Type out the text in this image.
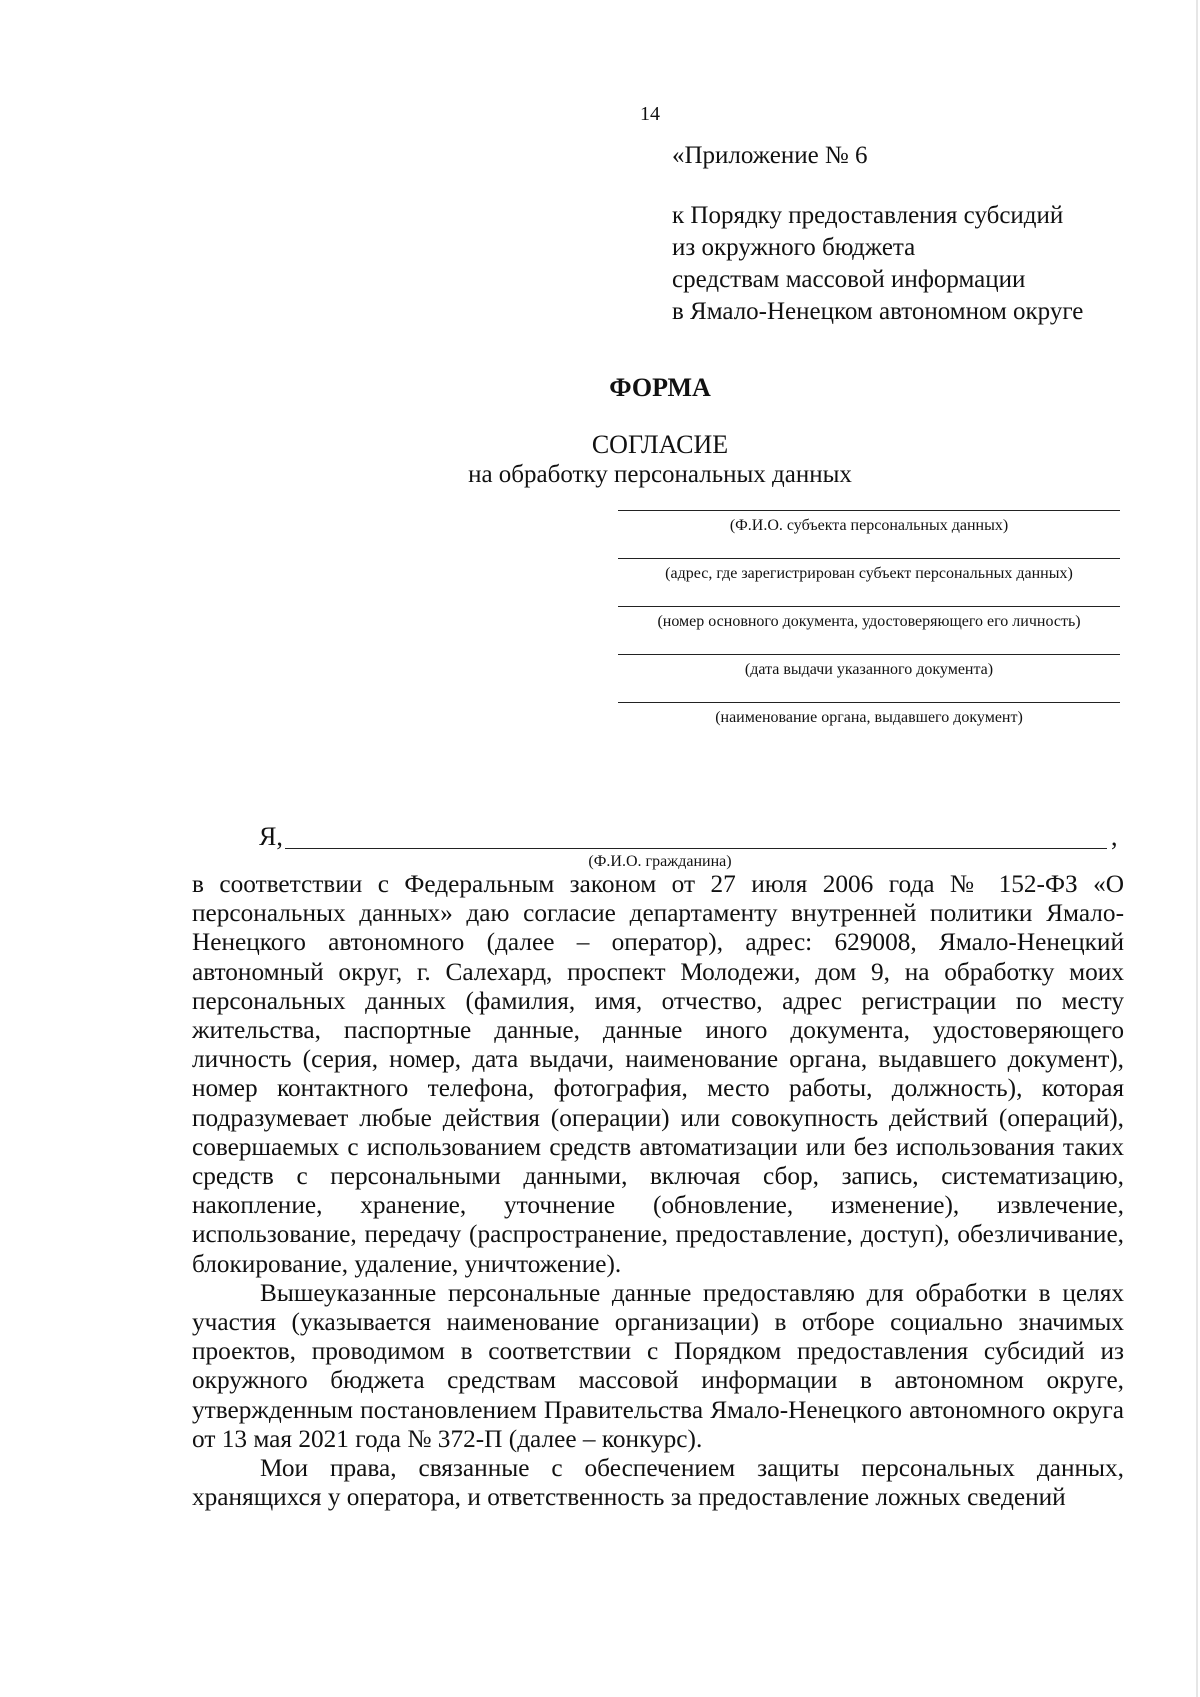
14
«Приложение № 6
к Порядку предоставления субсидий
из окружного бюджета
средствам массовой информации
в Ямало-Ненецком автономном округе
ФОРМА
СОГЛАСИЕ
на обработку персональных данных
(Ф.И.О. субъекта персональных данных)
(адрес, где зарегистрирован субъект персональных данных)
(номер основного документа, удостоверяющего его личность)
(дата выдачи указанного документа)
(наименование органа, выдавшего документ)
Я,	,
(Ф.И.О. гражданина)

в соответствии с Федеральным законом от 27 июля 2006 года № 152-ФЗ «О персональных данных» даю согласие департаменту внутренней политики Ямало-Ненецкого автономного (далее – оператор), адрес: 629008, Ямало-Ненецкий автономный округ, г. Салехард, проспект Молодежи, дом 9, на обработку моих персональных данных (фамилия, имя, отчество, адрес регистрации по месту жительства, паспортные данные, данные иного документа, удостоверяющего личность (серия, номер, дата выдачи, наименование органа, выдавшего документ), номер контактного телефона, фотография, место работы, должность), которая подразумевает любые действия (операции) или совокупность действий (операций), совершаемых с использованием средств автоматизации или без использования таких средств с персональными данными, включая сбор, запись, систематизацию, накопление, хранение, уточнение (обновление, изменение), извлечение, использование, передачу (распространение, предоставление, доступ), обезличивание, блокирование, удаление, уничтожение).

Вышеуказанные персональные данные предоставляю для обработки в целях участия (указывается наименование организации) в отборе социально значимых проектов, проводимом в соответствии с Порядком предоставления субсидий из окружного бюджета средствам массовой информации в автономном округе, утвержденным постановлением Правительства Ямало-Ненецкого автономного округа от 13 мая 2021 года № 372-П (далее – конкурс).

Мои права, связанные с обеспечением защиты персональных данных, хранящихся у оператора, и ответственность за предоставление ложных сведений
